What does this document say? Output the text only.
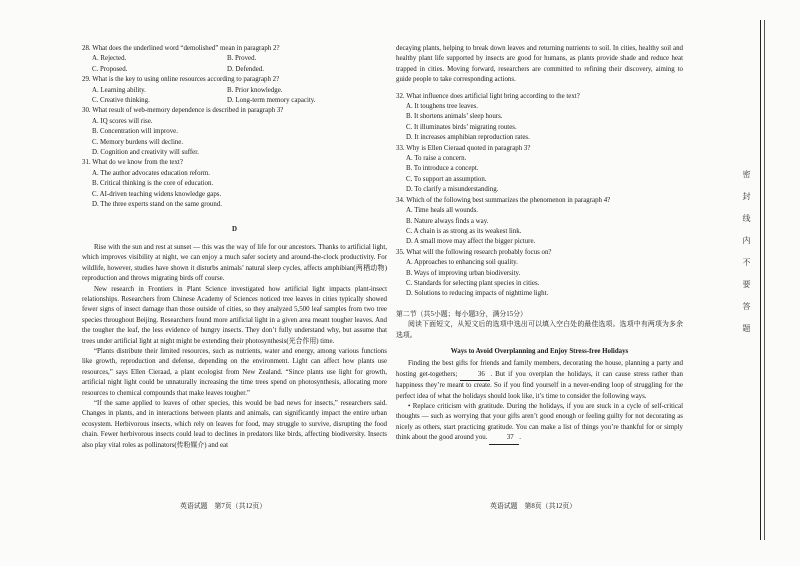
28. What does the underlined word “demolished” mean in paragraph 2?

A. Rejected.	B. Proved.
C. Proposed.	D. Defended.

29. What is the key to using online resources according to paragraph 2?

A. Learning ability.	B. Prior knowledge.
C. Creative thinking.	D. Long-term memory capacity.

30. What result of web-memory dependence is described in paragraph 3?

A. IQ scores will rise.
B. Concentration will improve.
C. Memory burdens will decline.
D. Cognition and creativity will suffer.

31. What do we know from the text?

A. The author advocates education reform.
B. Critical thinking is the core of education.
C. AI-driven teaching widens knowledge gaps.
D. The three experts stand on the same ground.
D

Rise with the sun and rest at sunset — this was the way of life for our ancestors. Thanks to artificial light, which improves visibility at night, we can enjoy a much safer society and around-the-clock productivity. For wildlife, however, studies have shown it disturbs animals’ natural sleep cycles, affects amphibian(两栖动物) reproduction and throws migrating birds off course.

New research in Frontiers in Plant Science investigated how artificial light impacts plant-insect relationships. Researchers from Chinese Academy of Sciences noticed tree leaves in cities typically showed fewer signs of insect damage than those outside of cities, so they analyzed 5,500 leaf samples from two tree species throughout Beijing. Researchers found more artificial light in a given area meant tougher leaves. And the tougher the leaf, the less evidence of hungry insects. They don’t fully understand why, but assume that trees under artificial light at night might be extending their photosynthesis(光合作用) time.

“Plants distribute their limited resources, such as nutrients, water and energy, among various functions like growth, reproduction and defense, depending on the environment. Light can affect how plants use resources,” says Ellen Cieraad, a plant ecologist from New Zealand. “Since plants use light for growth, artificial night light could be unnaturally increasing the time trees spend on photosynthesis, allocating more resources to chemical compounds that make leaves tougher.”

“If the same applied to leaves of other species, this would be bad news for insects,” researchers said. Changes in plants, and in interactions between plants and animals, can significantly impact the entire urban ecosystem. Herbivorous insects, which rely on leaves for food, may struggle to survive, disrupting the food chain. Fewer herbivorous insects could lead to declines in predators like birds, affecting biodiversity. Insects also play vital roles as pollinators(传粉媒介) and eat

英语试题　第7页（共12页）

decaying plants, helping to break down leaves and returning nutrients to soil. In cities, healthy soil and healthy plant life supported by insects are good for humans, as plants provide shade and reduce heat trapped in cities. Moving forward, researchers are committed to refining their discovery, aiming to guide people to take corresponding actions.

32. What influence does artificial light bring according to the text?

A. It toughens tree leaves.
B. It shortens animals’ sleep hours.
C. It illuminates birds’ migrating routes.
D. It increases amphibian reproduction rates.

33. Why is Ellen Cieraad quoted in paragraph 3?

A. To raise a concern.
B. To introduce a concept.
C. To support an assumption.
D. To clarify a misunderstanding.

34. Which of the following best summarizes the phenomenon in paragraph 4?

A. Time heals all wounds.
B. Nature always finds a way.
C. A chain is as strong as its weakest link.
D. A small move may affect the bigger picture.

35. What will the following research probably focus on?

A. Approaches to enhancing soil quality.
B. Ways of improving urban biodiversity.
C. Standards for selecting plant species in cities.
D. Solutions to reducing impacts of nighttime light.
第二节（共5小题；每小题3分，满分15分）

阅读下面短文，从短文后的选项中选出可以填入空白处的最佳选项。选项中有两项为多余选项。

Ways to Avoid Overplanning and Enjoy Stress-free Holidays

Finding the best gifts for friends and family members, decorating the house, planning a party and hosting get-togethers;	36 . But if you overplan the holidays, it can cause stress rather than happiness they’re meant to create. So if you find yourself in a never-ending loop of struggling for the perfect idea of what the holidays should look like, it’s time to consider the following ways.

• Replace criticism with gratitude. During the holidays, if you are stuck in a cycle of self-critical thoughts — such as worrying that your gifts aren’t good enough or feeling guilty for not decorating as nicely as others, start practicing gratitude. You can make a list of things you’re thankful for or simply think about the good around you.	37 .

英语试题　第8页（共12页）
密封线内不要答题
